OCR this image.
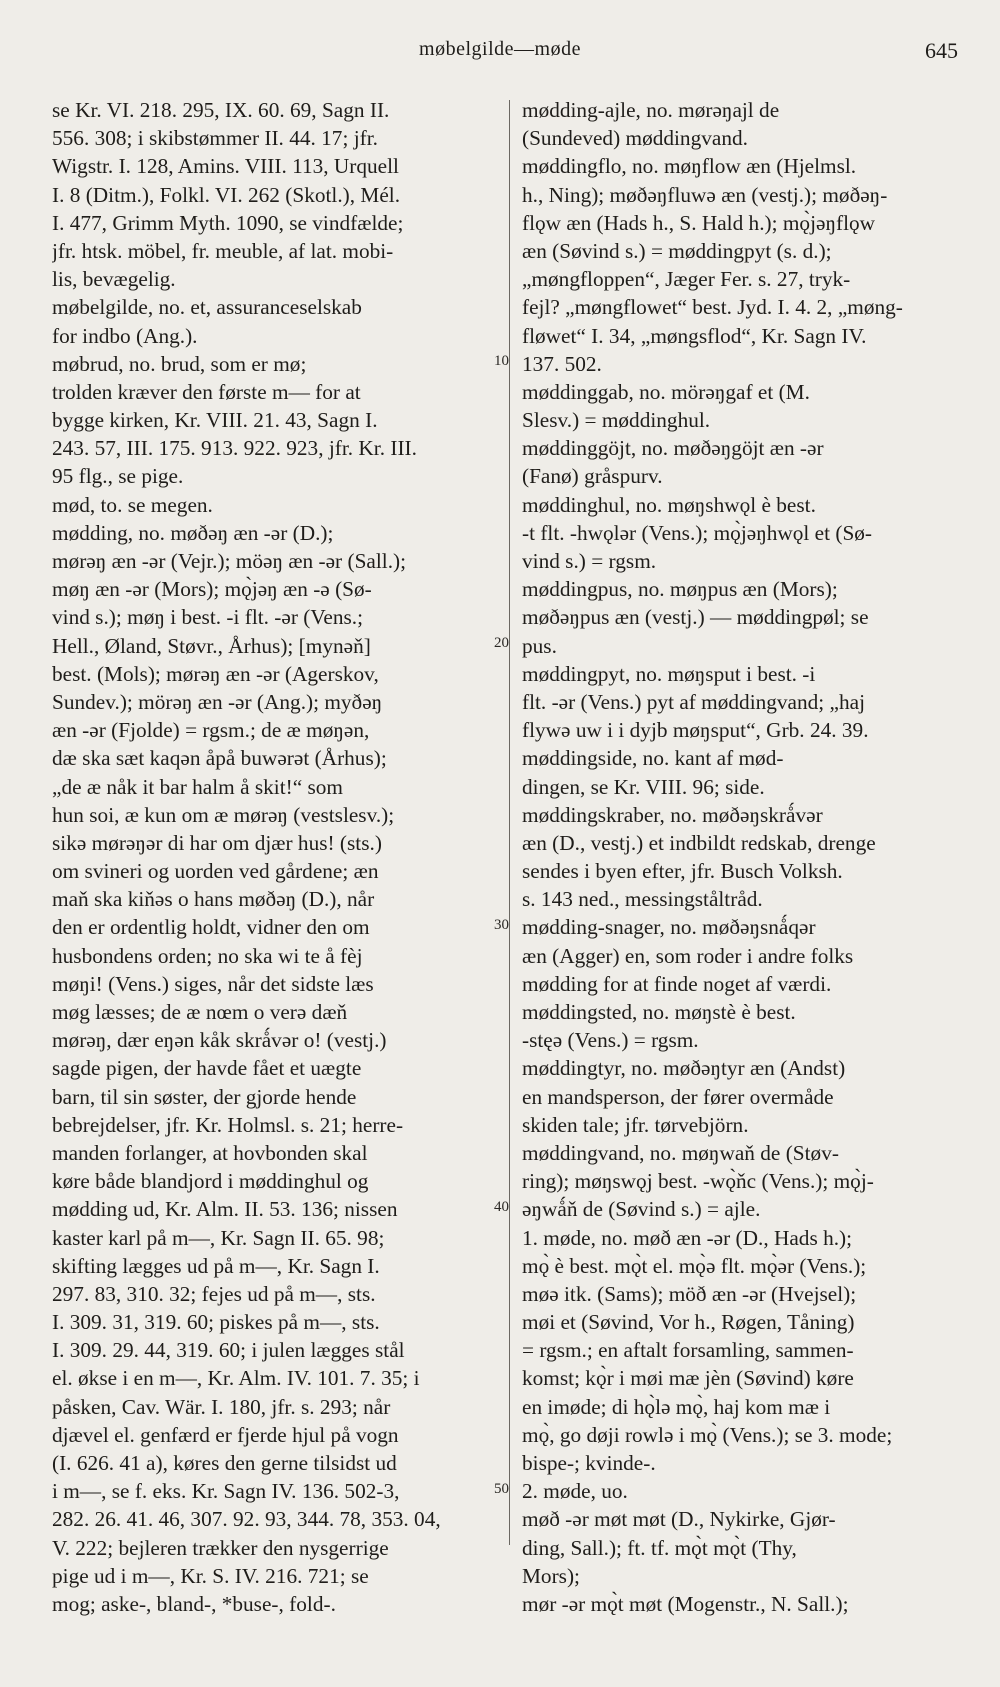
møbelgilde—møde	645
se Kr. VI. 218. 295, IX. 60. 69, Sagn II.
556. 308; i skibstømmer II. 44. 17; jfr.
Wigstr. I. 128, Amins. VIII. 113, Urquell
I. 8 (Ditm.), Folkl. VI. 262 (Skotl.), Mél.
I. 477, Grimm Myth. 1090, se vindfælde;
jfr. htsk. möbel, fr. meuble, af lat. mobi-
lis, bevægelig.
møbelgilde, no. et, assuranceselskab
for indbo (Ang.).
møbrud, no. brud, som er mø;
trolden kræver den første m— for at
bygge kirken, Kr. VIII. 21. 43, Sagn I.
243. 57, III. 175. 913. 922. 923, jfr. Kr. III.
95 flg., se pige.
mød, to. se megen.
mødding, no. møðəŋ æn -ər (D.);
mørəŋ æn -ər (Vejr.); möəŋ æn -ər (Sall.);
møŋ æn -ər (Mors); mǫ̀jəŋ æn -ə (Sø-
vind s.); møŋ i best. -i flt. -ər (Vens.;
Hell., Øland, Støvr., Århus); [mynəň]
best. (Mols); mørəŋ æn -ər (Agerskov,
Sundev.); mörəŋ æn -ər (Ang.); myðəŋ
æn -ər (Fjolde) = rgsm.; de æ møŋən,
dæ ska sæt kaqən åpå buwərət (Århus);
„de æ nåk it bar halm å skit!“ som
hun soi, æ kun om æ mørəŋ (vestslesv.);
sikə mørəŋər di har om djær hus! (sts.)
om svineri og uorden ved gårdene; æn
maň ska kiňəs o hans møðəŋ (D.), når
den er ordentlig holdt, vidner den om
husbondens orden; no ska wi te å fèj
møŋi! (Vens.) siges, når det sidste læs
møg læsses; de æ nœm o verə dæň
mørəŋ, dær eŋən kåk skrǻvər o! (vestj.)
sagde pigen, der havde fået et uægte
barn, til sin søster, der gjorde hende
bebrejdelser, jfr. Kr. Holmsl. s. 21; herre-
manden forlanger, at hovbonden skal
køre både blandjord i møddinghul og
mødding ud, Kr. Alm. II. 53. 136; nissen
kaster karl på m—, Kr. Sagn II. 65. 98;
skifting lægges ud på m—, Kr. Sagn I.
297. 83, 310. 32; fejes ud på m—, sts.
I. 309. 31, 319. 60; piskes på m—, sts.
I. 309. 29. 44, 319. 60; i julen lægges stål
el. økse i en m—, Kr. Alm. IV. 101. 7. 35; i
påsken, Cav. Wär. I. 180, jfr. s. 293; når
djævel el. genfærd er fjerde hjul på vogn
(I. 626. 41 a), køres den gerne tilsidst ud
i m—, se f. eks. Kr. Sagn IV. 136. 502-3,
282. 26. 41. 46, 307. 92. 93, 344. 78, 353. 04,
V. 222; bejleren trækker den nysgerrige
pige ud i m—, Kr. S. IV. 216. 721; se
mog; aske-, bland-, *buse-, fold-.
mødding-ajle, no. mørəŋajl de
(Sundeved) møddingvand.
møddingflo, no. møŋflow æn (Hjelmsl.
h., Ning); møðəŋfluwə æn (vestj.); møðəŋ-
flǫw æn (Hads h., S. Hald h.); mǫ̀jəŋflǫw
æn (Søvind s.) = møddingpyt (s. d.);
„møngfloppen“, Jæger Fer. s. 27, tryk-
fejl? „møngflowet“ best. Jyd. I. 4. 2, „møng-
fløwet“ I. 34, „møngsflod“, Kr. Sagn IV.
137. 502.
møddinggab, no. mörəŋgaf et (M.
Slesv.) = møddinghul.
møddinggöjt, no. møðəŋgöjt æn -ər
(Fanø) gråspurv.
møddinghul, no. møŋshwǫl è best.
-t flt. -hwǫlər (Vens.); mǫ̀jəŋhwǫl et (Sø-
vind s.) = rgsm.
møddingpus, no. møŋpus æn (Mors);
møðəŋpus æn (vestj.) — møddingpøl; se
pus.
møddingpyt, no. møŋsput i best. -i
flt. -ər (Vens.) pyt af møddingvand; „haj
flywə uw i i dyjb møŋsput“, Grb. 24. 39.
møddingside, no. kant af mød-
dingen, se Kr. VIII. 96; side.
møddingskraber, no. møðəŋskrǻvər
æn (D., vestj.) et indbildt redskab, drenge
sendes i byen efter, jfr. Busch Volksh.
s. 143 ned., messingståltråd.
mødding-snager, no. møðəŋsnǻqər
æn (Agger) en, som roder i andre folks
mødding for at finde noget af værdi.
møddingsted, no. møŋstè è best.
-stęə (Vens.) = rgsm.
møddingtyr, no. møðəŋtyr æn (Andst)
en mandsperson, der fører overmåde
skiden tale; jfr. tørvebjörn.
møddingvand, no. møŋwaň de (Støv-
ring); møŋswǫj best. -wǫ̀ňc (Vens.); mǫ̀j-
əŋwǻň de (Søvind s.) = ajle.
1. møde, no. møð æn -ər (D., Hads h.);
mǫ̀ è best. mǫ̀t el. mǫ̀ə flt. mǫ̀ər (Vens.);
møə itk. (Sams); möð æn -ər (Hvejsel);
møi et (Søvind, Vor h., Røgen, Tåning)
= rgsm.; en aftalt forsamling, sammen-
komst; kǫ̀r i møi mæ jèn (Søvind) køre
en imøde; di hǫ̀lə mǫ̀, haj kom mæ i
mǫ̀, go døji rowlə i mǫ̀ (Vens.); se 3. mode;
bispe-; kvinde-.
2. møde, uo.
møð -ər møt møt (D., Nykirke, Gjør-
ding, Sall.); ft. tf. mǫ̀t mǫ̀t (Thy,
Mors);
mør -ər mǫ̀t møt (Mogenstr., N. Sall.);
10
20
30
40
50
